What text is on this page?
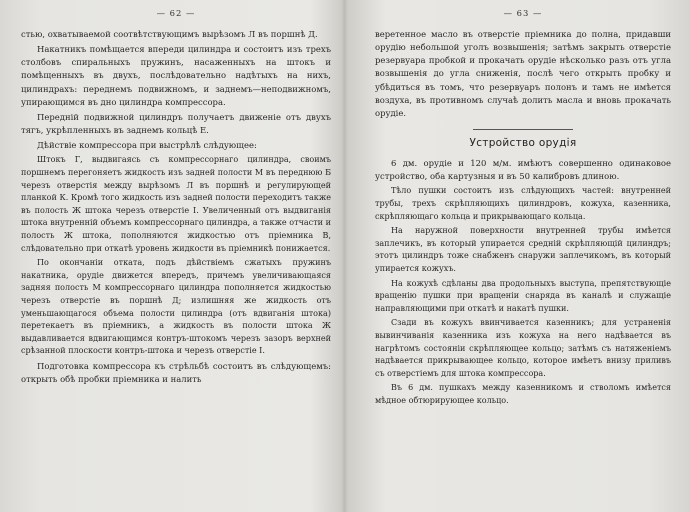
— 62 —

стью, охватываемой соотвѣтствующимъ вырѣзомъ Л въ поршнѣ Д.

Накатникъ помѣщается впереди цилиндра и состоитъ изъ трехъ столбовъ спиральныхъ пружинъ, насаженныхъ на штокъ и помѣщенныхъ въ двухъ, послѣдовательно надѣтыхъ на нихъ, цилиндрахъ: переднемъ подвижномъ, и заднемъ—неподвижномъ, упирающимся въ дно цилиндра компрессора.

Передній подвижной цилиндръ получаетъ движеніе отъ двухъ тягъ, укрѣпленныхъ въ заднемъ кольцѣ Е.

Дѣйствіе компрессора при выстрѣлѣ слѣдующее:

Штокъ Г, выдвигаясь съ компрессорнаго цилиндра, своимъ поршнемъ перегоняетъ жидкость изъ задней полости М въ переднюю Б черезъ отверстія между вырѣзомъ Л въ поршнѣ и регулирующей планкой К. Кромѣ того жидкость изъ задней полости переходитъ также въ полость Ж штока черезъ отверстіе I. Увеличенный отъ выдвиганія штока внутренній объемъ компрессорнаго цилиндра, а также отчасти и полость Ж штока, пополняются жидкостью отъ пріемника В, слѣдовательно при откатѣ уровень жидкости въ пріемникѣ понижается.

По окончаніи отката, подъ дѣйствіемъ сжатыхъ пружинъ накатника, орудіе движется впередъ, причемъ увеличивающаяся задняя полость М компрессорнаго цилиндра пополняется жидкостью черезъ отверстіе въ поршнѣ Д; излишняя же жидкость отъ уменьшающагося объема полости цилиндра (отъ вдвиганія штока) перетекаетъ въ пріемникъ, а жидкость въ полости штока Ж выдавливается вдвигающимся контръ-штокомъ черезъ зазоръ верхней срѣзанной плоскости контръ-штока и черезъ отверстіе I.

Подготовка компрессора къ стрѣльбѣ состоитъ въ слѣдующемъ: открыть обѣ пробки пріемника и налить

— 63 —

веретенное масло въ отверстіе пріемника до полна, придавши орудію небольшой уголъ возвышенія; затѣмъ закрыть отверстіе резервуара пробкой и прокачать орудіе нѣсколько разъ отъ угла возвышенія до угла сниженія, послѣ чего открыть пробку и убѣдиться въ томъ, что резервуаръ полонъ и тамъ не имѣется воздуха, въ противномъ случаѣ долить масла и вновь прокачать орудіе.

Устройство орудія

6 дм. орудіе и 120 м/м. имѣютъ совершенно одинаковое устройство, оба картузныя и въ 50 калибровъ длиною.

Тѣло пушки состоитъ изъ слѣдующихъ частей: внутренней трубы, трехъ скрѣпляющихъ цилиндровъ, кожуха, казенника, скрѣпляющаго кольца и прикрывающаго кольца.

На наружной поверхности внутренней трубы имѣется заплечикъ, въ который упирается средній скрѣпляющій цилиндръ; этотъ цилиндръ тоже снабженъ снаружи заплечикомъ, въ который упирается кожухъ.

На кожухѣ сдѣланы два продольныхъ выступа, препятствующіе вращенію пушки при вращеніи снаряда въ каналѣ и служащіе направляющими при откатѣ и накатѣ пушки.

Сзади въ кожухъ ввинчивается казенникъ; для устраненія вывинчиванія казенника изъ кожуха на него надѣвается въ нагрѣтомъ состояніи скрѣпляющее кольцо; затѣмъ съ натяженіемъ надѣвается прикрывающее кольцо, которое имѣетъ внизу приливъ съ отверстіемъ для штока компрессора.

Въ 6 дм. пушкахъ между казенникомъ и стволомъ имѣется мѣдное обтюрирующее кольцо.
